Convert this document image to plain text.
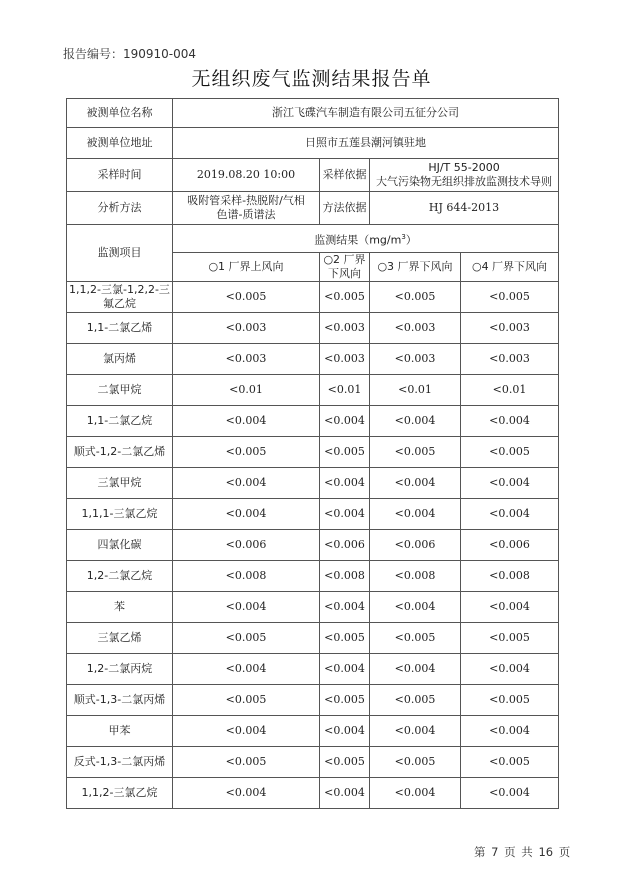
报告编号：190910-004
无组织废气监测结果报告单
被测单位名称	浙江飞碟汽车制造有限公司五征分公司			
被测单位地址	日照市五莲县潮河镇驻地			
采样时间	2019.08.20 10:00	采样依据	HJ/T 55-2000
大气污染物无组织排放监测技术导则	

分析方法	吸附管采样-热脱附/气相
色谱-质谱法	方法依据	HJ 644-2013	
监测项目	监测结果$(mg/m^3)$			
	○1 厂界上风向	○2 厂界下风向	○3 厂界下风向	○4 厂界下风向
1,1,2-三氯-1,2,2-三氟乙烷	<0.005	<0.005	<0.005	<0.005
1,1-二氯乙烯	<0.003	<0.003	<0.003	<0.003
氯丙烯	<0.003	<0.003	<0.003	<0.003
二氯甲烷	<0.01	<0.01	<0.01	<0.01
1,1-二氯乙烷	<0.004	<0.004	<0.004	<0.004
顺式-1,2-二氯乙烯	<0.005	<0.005	<0.005	<0.005
三氯甲烷	<0.004	<0.004	<0.004	<0.004
1,1,1-三氯乙烷	<0.004	<0.004	<0.004	<0.004
四氯化碳	<0.006	<0.006	<0.006	<0.006
1,2-二氯乙烷	<0.008	<0.008	<0.008	<0.008
苯	<0.004	<0.004	<0.004	<0.004
三氯乙烯	<0.005	<0.005	<0.005	<0.005
1,2-二氯丙烷	<0.004	<0.004	<0.004	<0.004
顺式-1,3-二氯丙烯	<0.005	<0.005	<0.005	<0.005
甲苯	<0.004	<0.004	<0.004	<0.004
反式-1,3-二氯丙烯	<0.005	<0.005	<0.005	<0.005
1,1,2-三氯乙烷	<0.004	<0.004	<0.004	<0.004
第 7 页 共 16 页
